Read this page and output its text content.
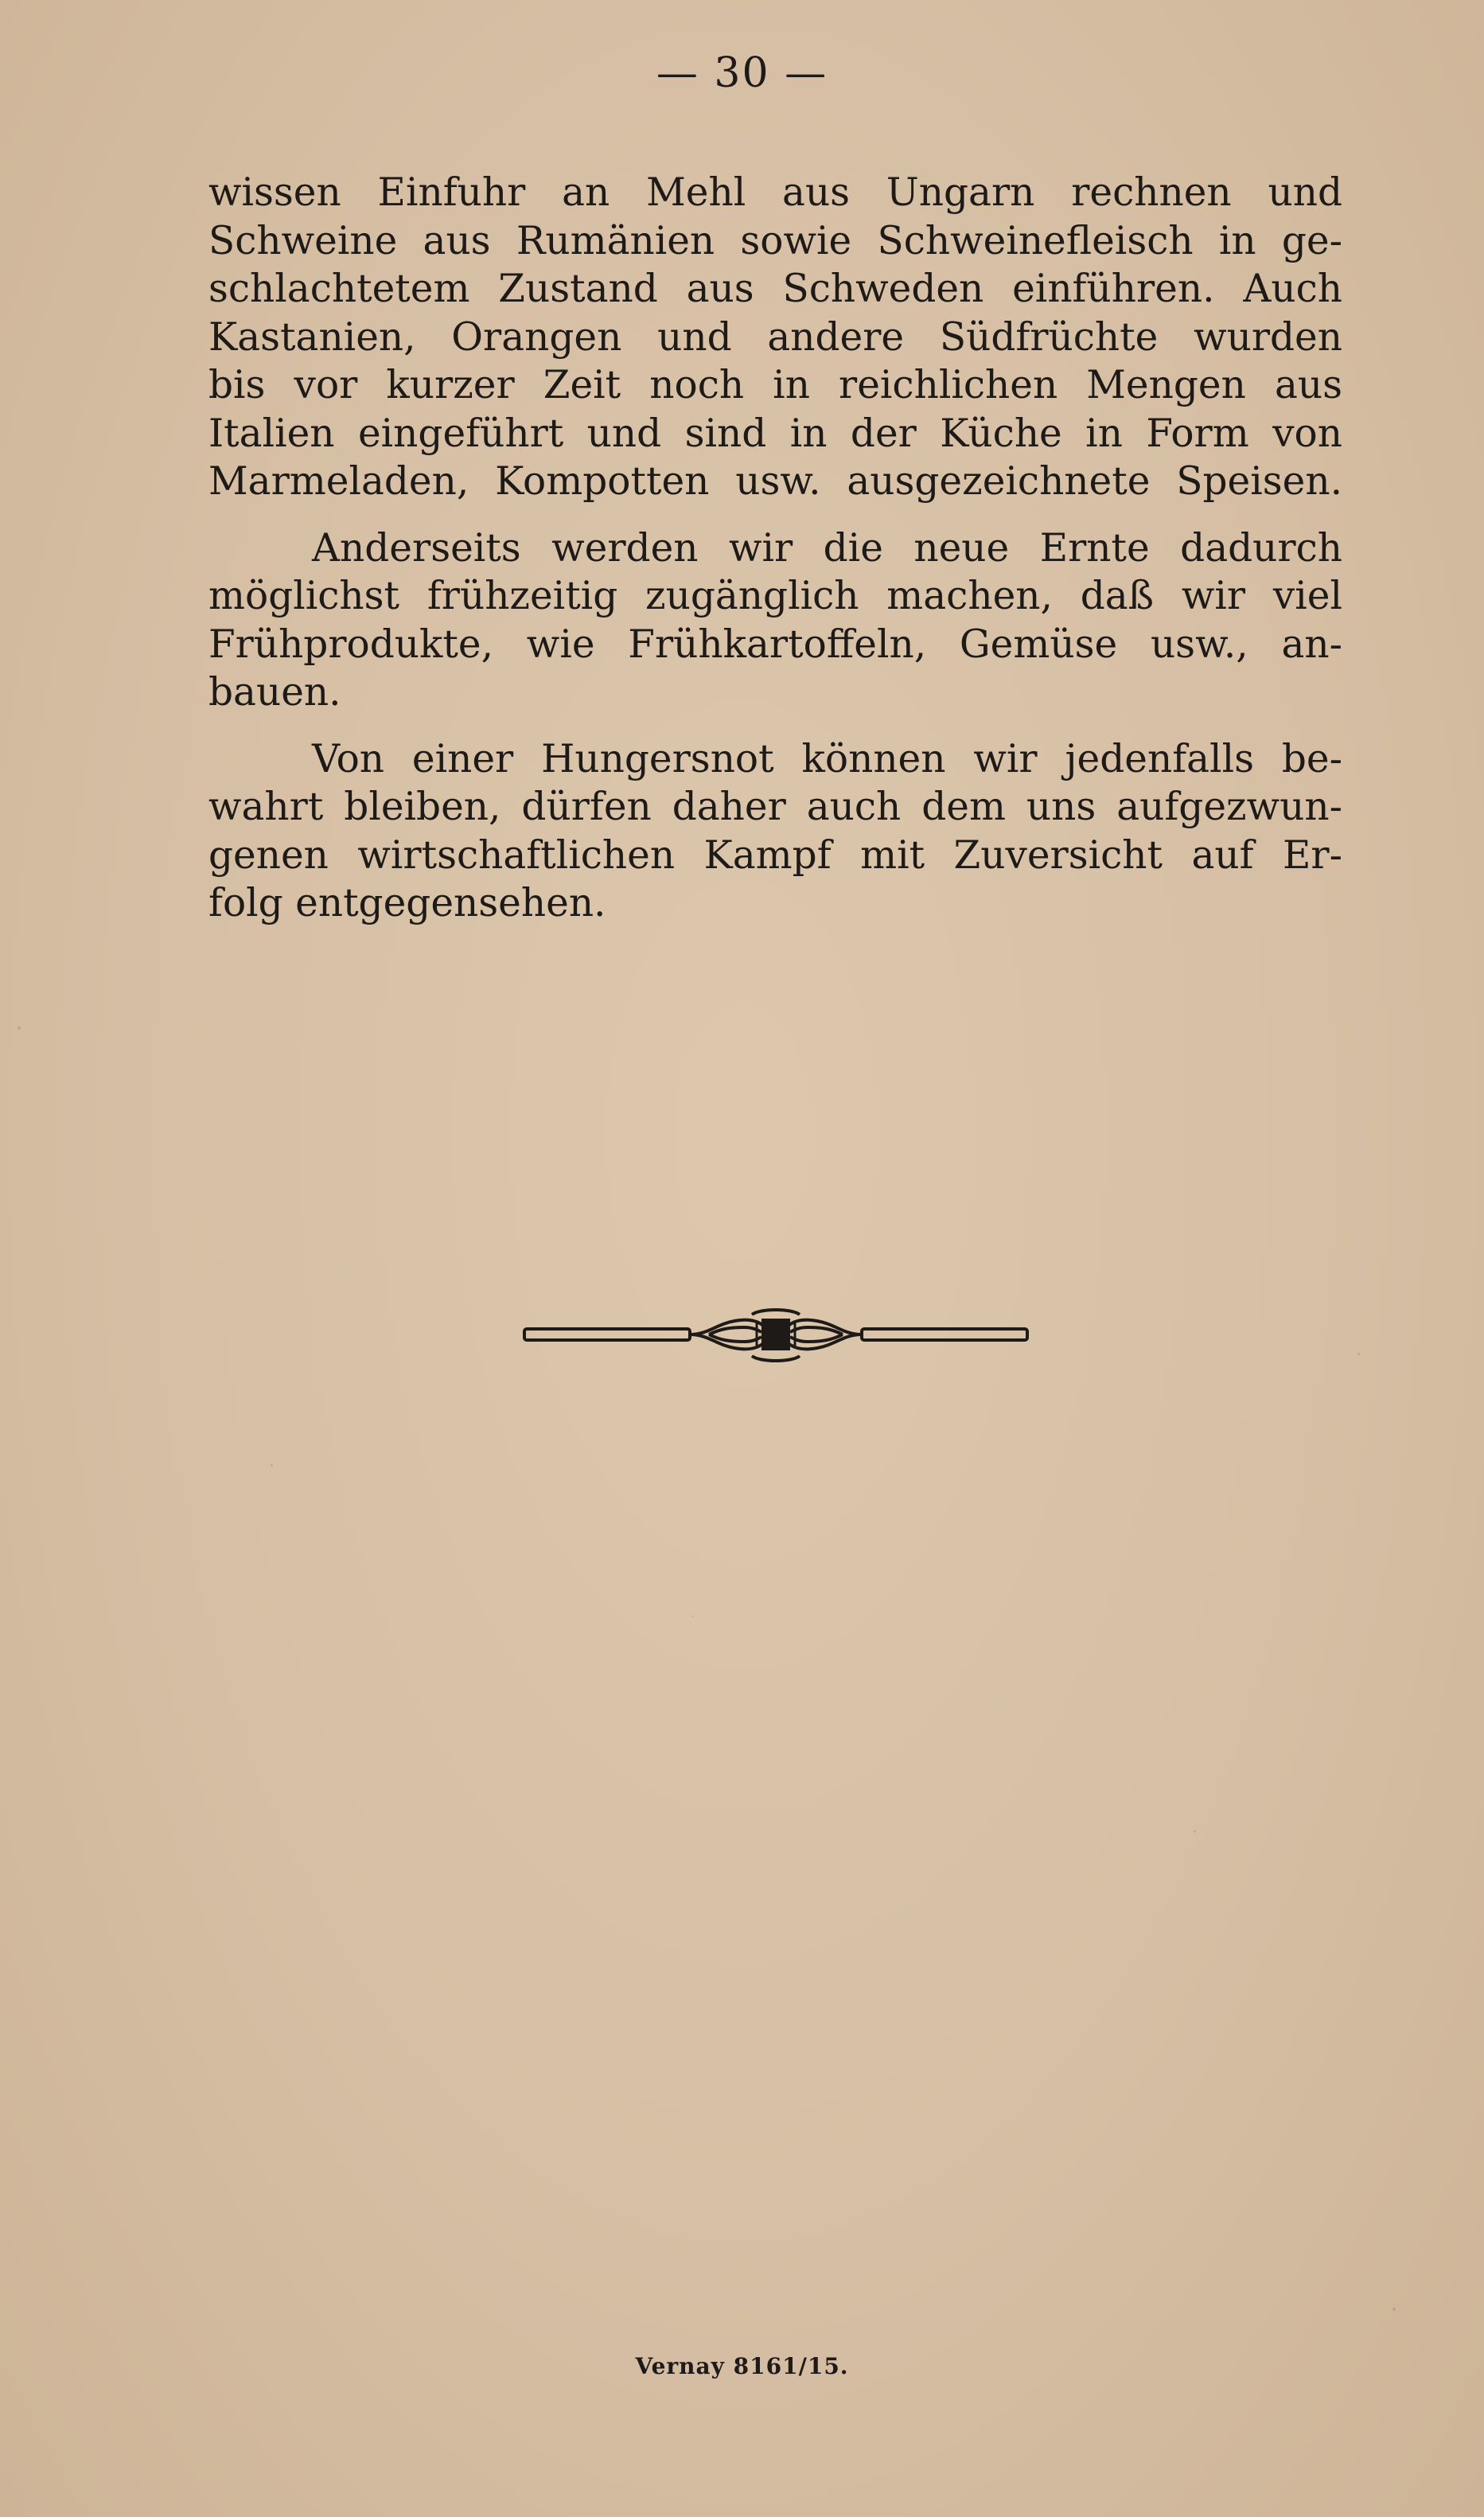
— 30 —

wissen Einfuhr an Mehl aus Ungarn rechnen und
Schweine aus Rumänien sowie Schweinefleisch in ge-
schlachtetem Zustand aus Schweden einführen. Auch
Kastanien, Orangen und andere Südfrüchte wurden
bis vor kurzer Zeit noch in reichlichen Mengen aus
Italien eingeführt und sind in der Küche in Form von
Marmeladen, Kompotten usw. ausgezeichnete Speisen.

Anderseits werden wir die neue Ernte dadurch
möglichst frühzeitig zugänglich machen, daß wir viel
Frühprodukte, wie Frühkartoffeln, Gemüse usw., an-
bauen.

Von einer Hungersnot können wir jedenfalls be-
wahrt bleiben, dürfen daher auch dem uns aufgezwun-
genen wirtschaftlichen Kampf mit Zuversicht auf Er-
folg entgegensehen.

Vernay 8161/15.
